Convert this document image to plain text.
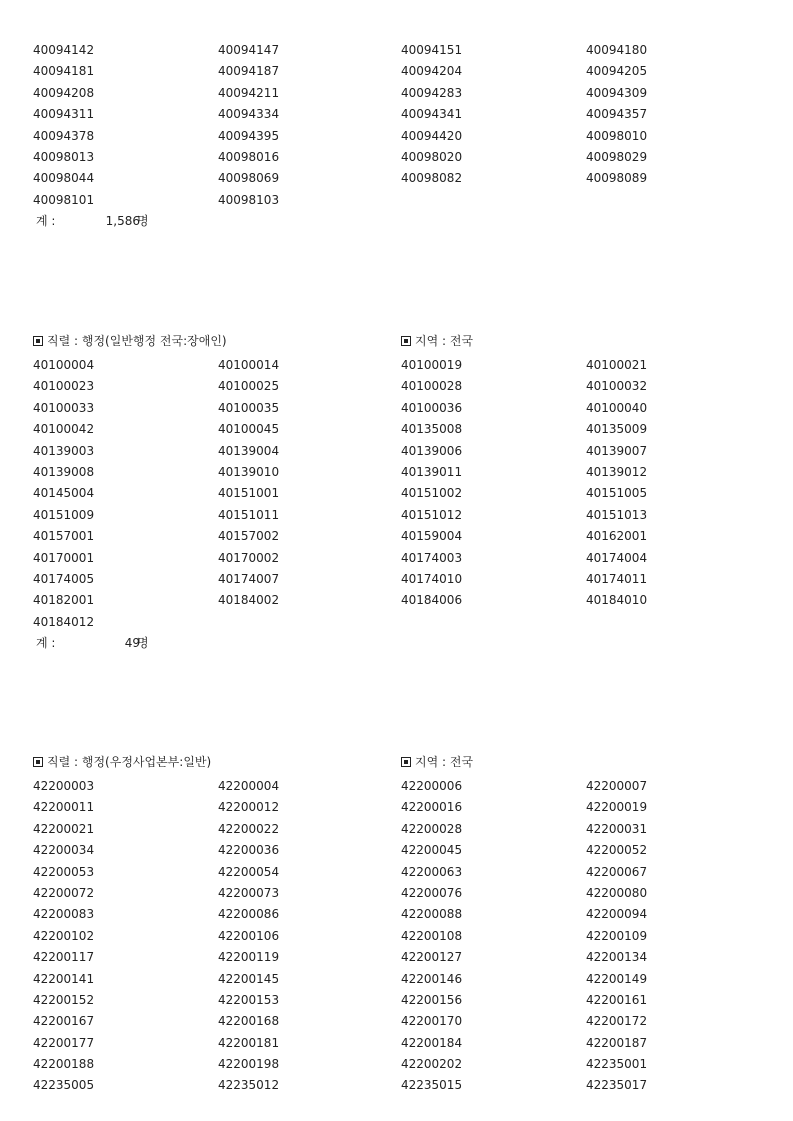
40094142	40094147	40094151	40094180
40094181	40094187	40094204	40094205
40094208	40094211	40094283	40094309
40094311	40094334	40094341	40094357
40094378	40094395	40094420	40098010
40098013	40098016	40098020	40098029
40098044	40098069	40098082	40098089
40098101	40098103
계 :	1,586
명
직렬 : 행정(일반행정 전국:장애인)	지역 : 전국
40100004	40100014	40100019	40100021
40100023	40100025	40100028	40100032
40100033	40100035	40100036	40100040
40100042	40100045	40135008	40135009
40139003	40139004	40139006	40139007
40139008	40139010	40139011	40139012
40145004	40151001	40151002	40151005
40151009	40151011	40151012	40151013
40157001	40157002	40159004	40162001
40170001	40170002	40174003	40174004
40174005	40174007	40174010	40174011
40182001	40184002	40184006	40184010
40184012
계 :	49
명
직렬 : 행정(우정사업본부:일반)	지역 : 전국
42200003	42200004	42200006	42200007
42200011	42200012	42200016	42200019
42200021	42200022	42200028	42200031
42200034	42200036	42200045	42200052
42200053	42200054	42200063	42200067
42200072	42200073	42200076	42200080
42200083	42200086	42200088	42200094
42200102	42200106	42200108	42200109
42200117	42200119	42200127	42200134
42200141	42200145	42200146	42200149
42200152	42200153	42200156	42200161
42200167	42200168	42200170	42200172
42200177	42200181	42200184	42200187
42200188	42200198	42200202	42235001
42235005	42235012	42235015	42235017
